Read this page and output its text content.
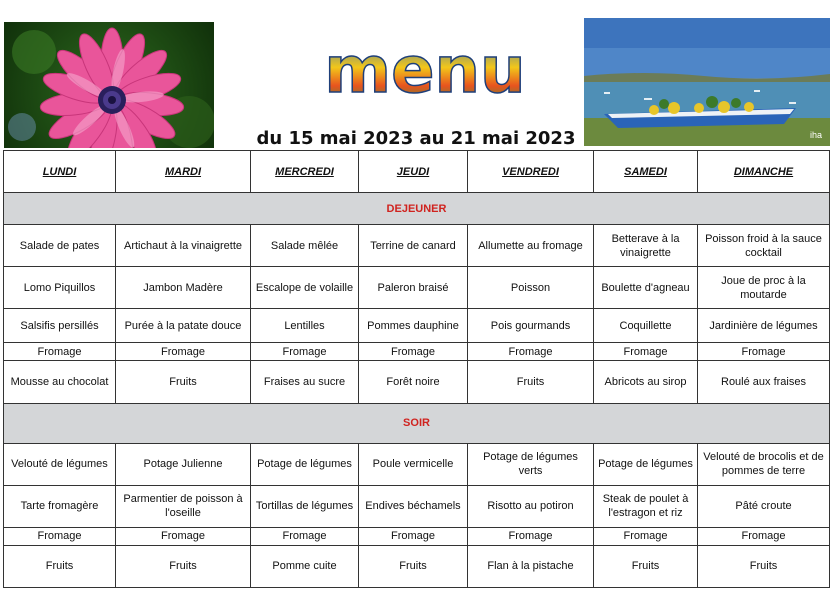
menu
iha
du 15 mai 2023 au 21 mai 2023
LUNDI	MARDI	MERCREDI	JEUDI	VENDREDI	SAMEDI	DIMANCHE
DEJEUNER						
Salade de pates	Artichaut à la vinaigrette	Salade mêlée	Terrine de canard	Allumette au fromage	Betterave à la vinaigrette	Poisson froid à la sauce cocktail
Lomo Piquillos	Jambon Madère	Escalope de volaille	Paleron braisé	Poisson	Boulette d'agneau	Joue de proc à la moutarde
Salsifis persillés	Purée à la patate douce	Lentilles	Pommes dauphine	Pois gourmands	Coquillette	Jardinière de légumes
Fromage	Fromage	Fromage	Fromage	Fromage	Fromage	Fromage
Mousse au chocolat	Fruits	Fraises au sucre	Forêt noire	Fruits	Abricots au sirop	Roulé aux fraises
SOIR						
Velouté de légumes	Potage Julienne	Potage de légumes	Poule vermicelle	Potage de légumes verts	Potage de légumes	Velouté de brocolis et de pommes de terre
Tarte fromagère	Parmentier de poisson à l'oseille	Tortillas de légumes	Endives béchamels	Risotto au potiron	Steak de poulet à l'estragon et riz	Pâté croute
Fromage	Fromage	Fromage	Fromage	Fromage	Fromage	Fromage
Fruits	Fruits	Pomme cuite	Fruits	Flan à la pistache	Fruits	Fruits
